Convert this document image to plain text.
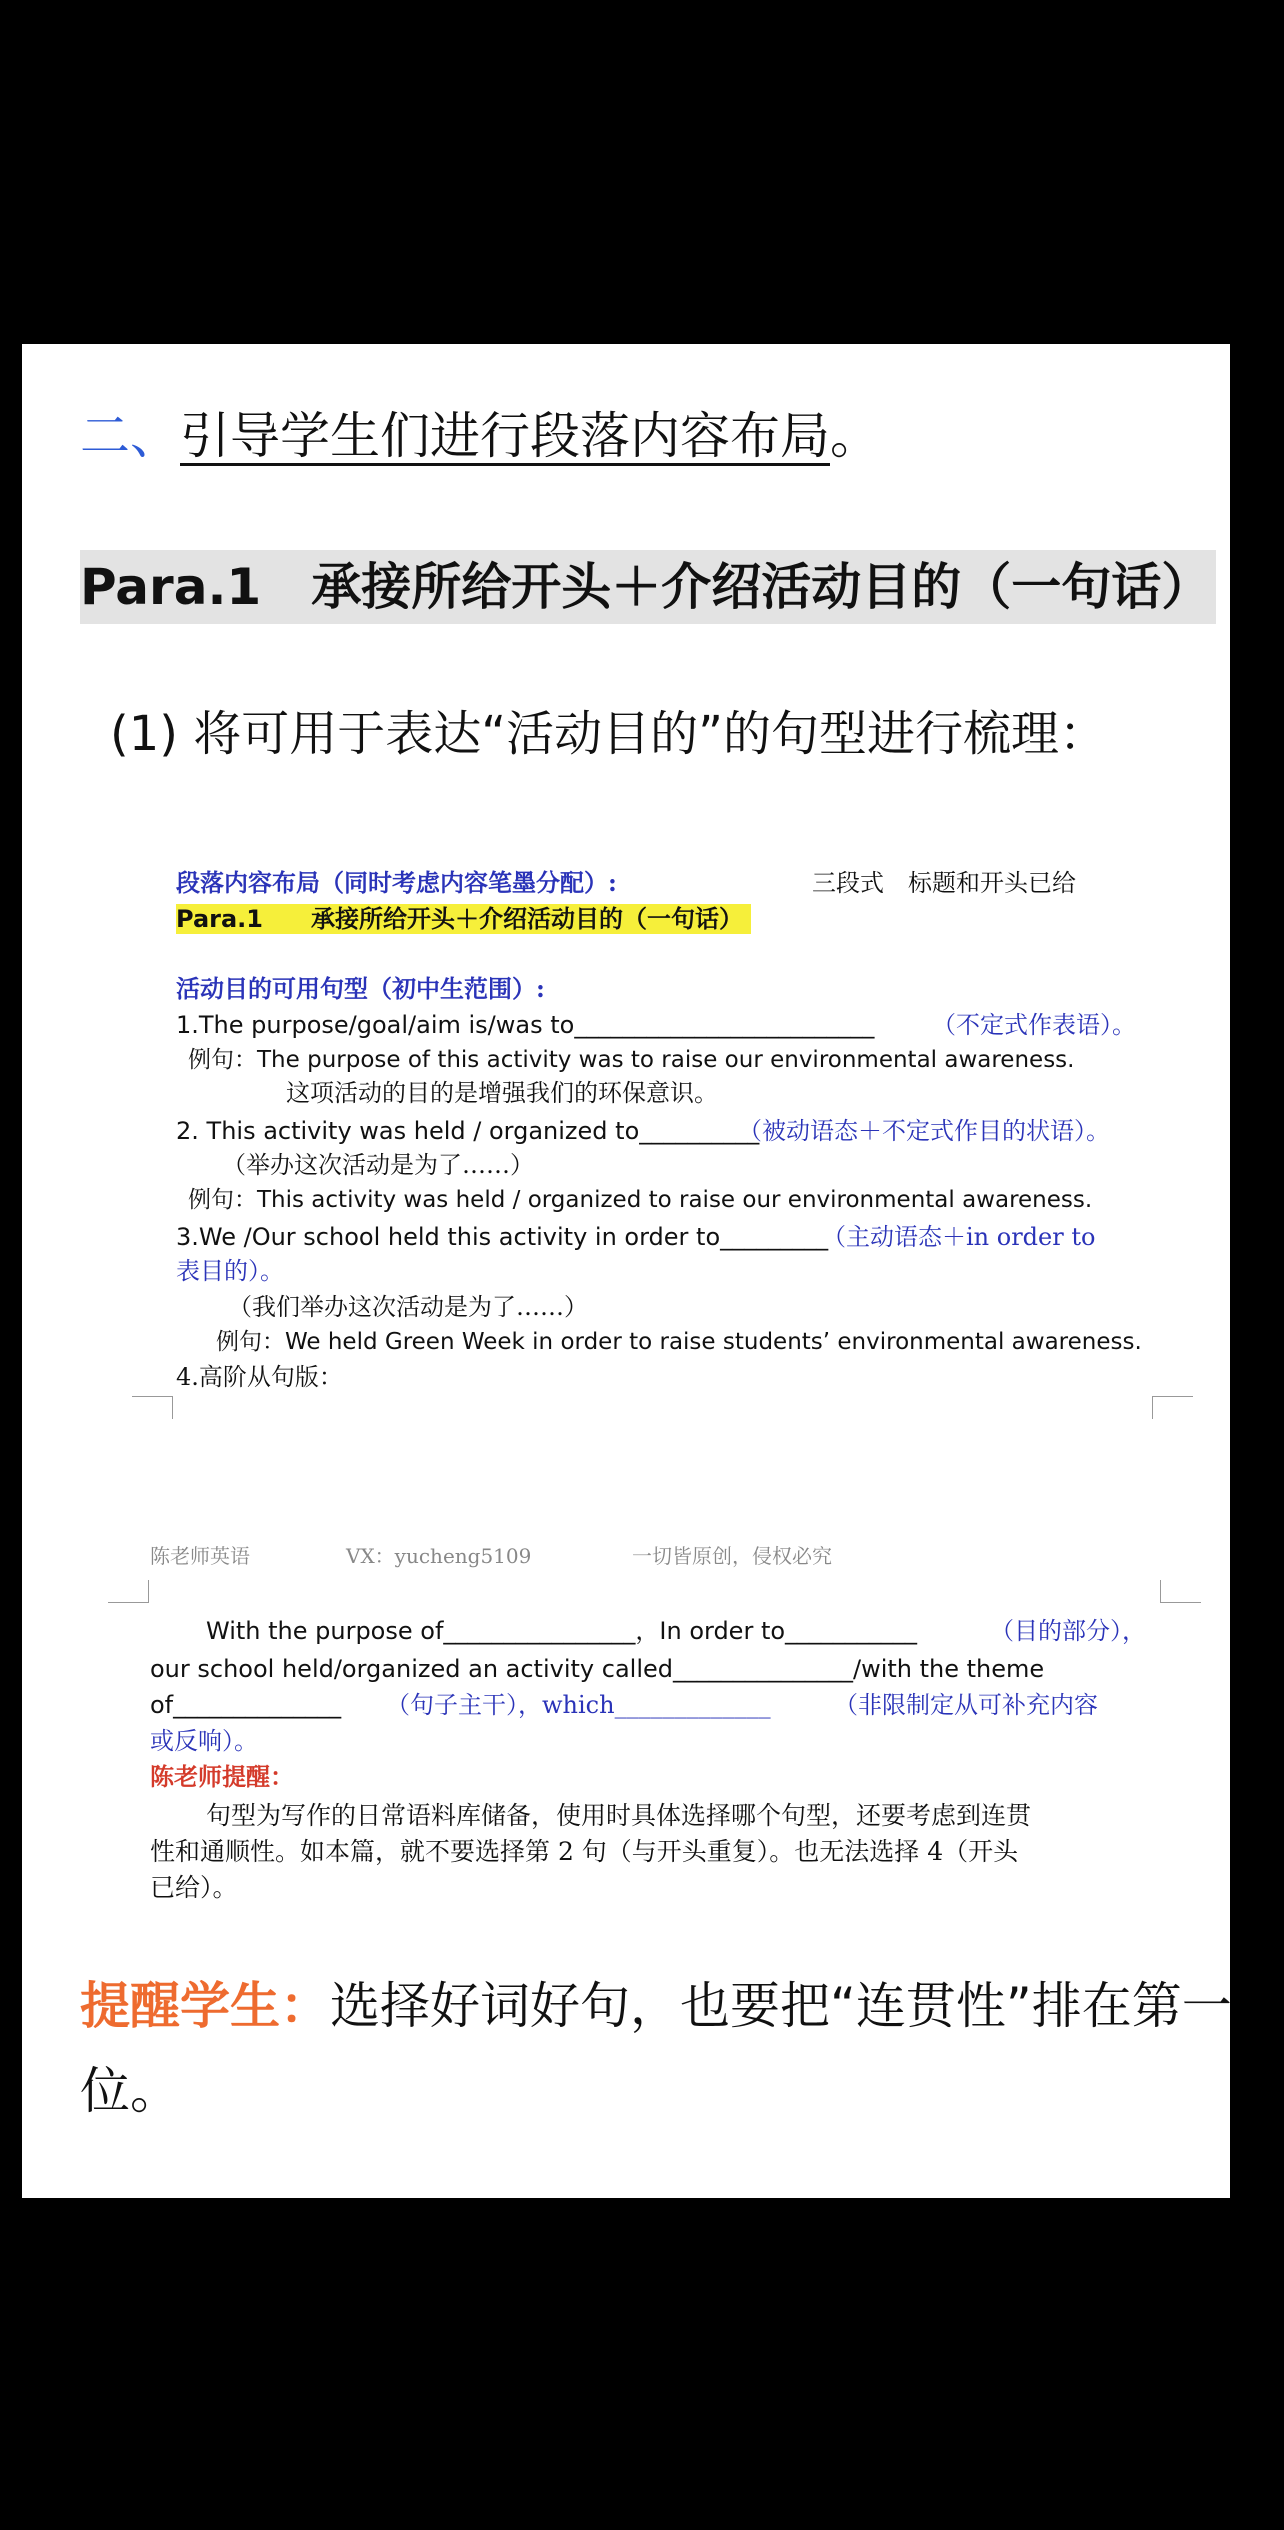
二、引导学生们进行段落内容布局。
Para.1　承接所给开头＋介绍活动目的（一句话）
(1) 将可用于表达“活动目的”的句型进行梳理：
段落内容布局（同时考虑内容笔墨分配）:	三段式　标题和开头已给
Para.1　　承接所给开头＋介绍活动目的（一句话）
活动目的可用句型（初中生范围）:
1.The purpose/goal/aim is/was to_________________________ （不定式作表语）。
例句：The purpose of this activity was to raise our environmental awareness.
这项活动的目的是增强我们的环保意识。
2. This activity was held / organized to__________
（被动语态＋不定式作目的状语）。
（举办这次活动是为了……）
例句：This activity was held / organized to raise our environmental awareness.
3.We /Our school held this activity in order to_________
（主动语态＋in order to
表目的）。
（我们举办这次活动是为了……）
例句：We held Green Week in order to raise students’ environmental awareness.
4.高阶从句版：
陈老师英语	VX：yucheng5109	一切皆原创，侵权必究
With the purpose of________________，In order to___________	（目的部分），
our school held/organized an activity called_______________/with the theme
of______________ （句子主干），which_____________	（非限制定从可补充内容
或反响）。
陈老师提醒：
句型为写作的日常语料库储备，使用时具体选择哪个句型，还要考虑到连贯
性和通顺性。如本篇，就不要选择第 2 句（与开头重复）。也无法选择 4（开头
已给）。
提醒学生：选择好词好句，也要把“连贯性”排在第一位。
